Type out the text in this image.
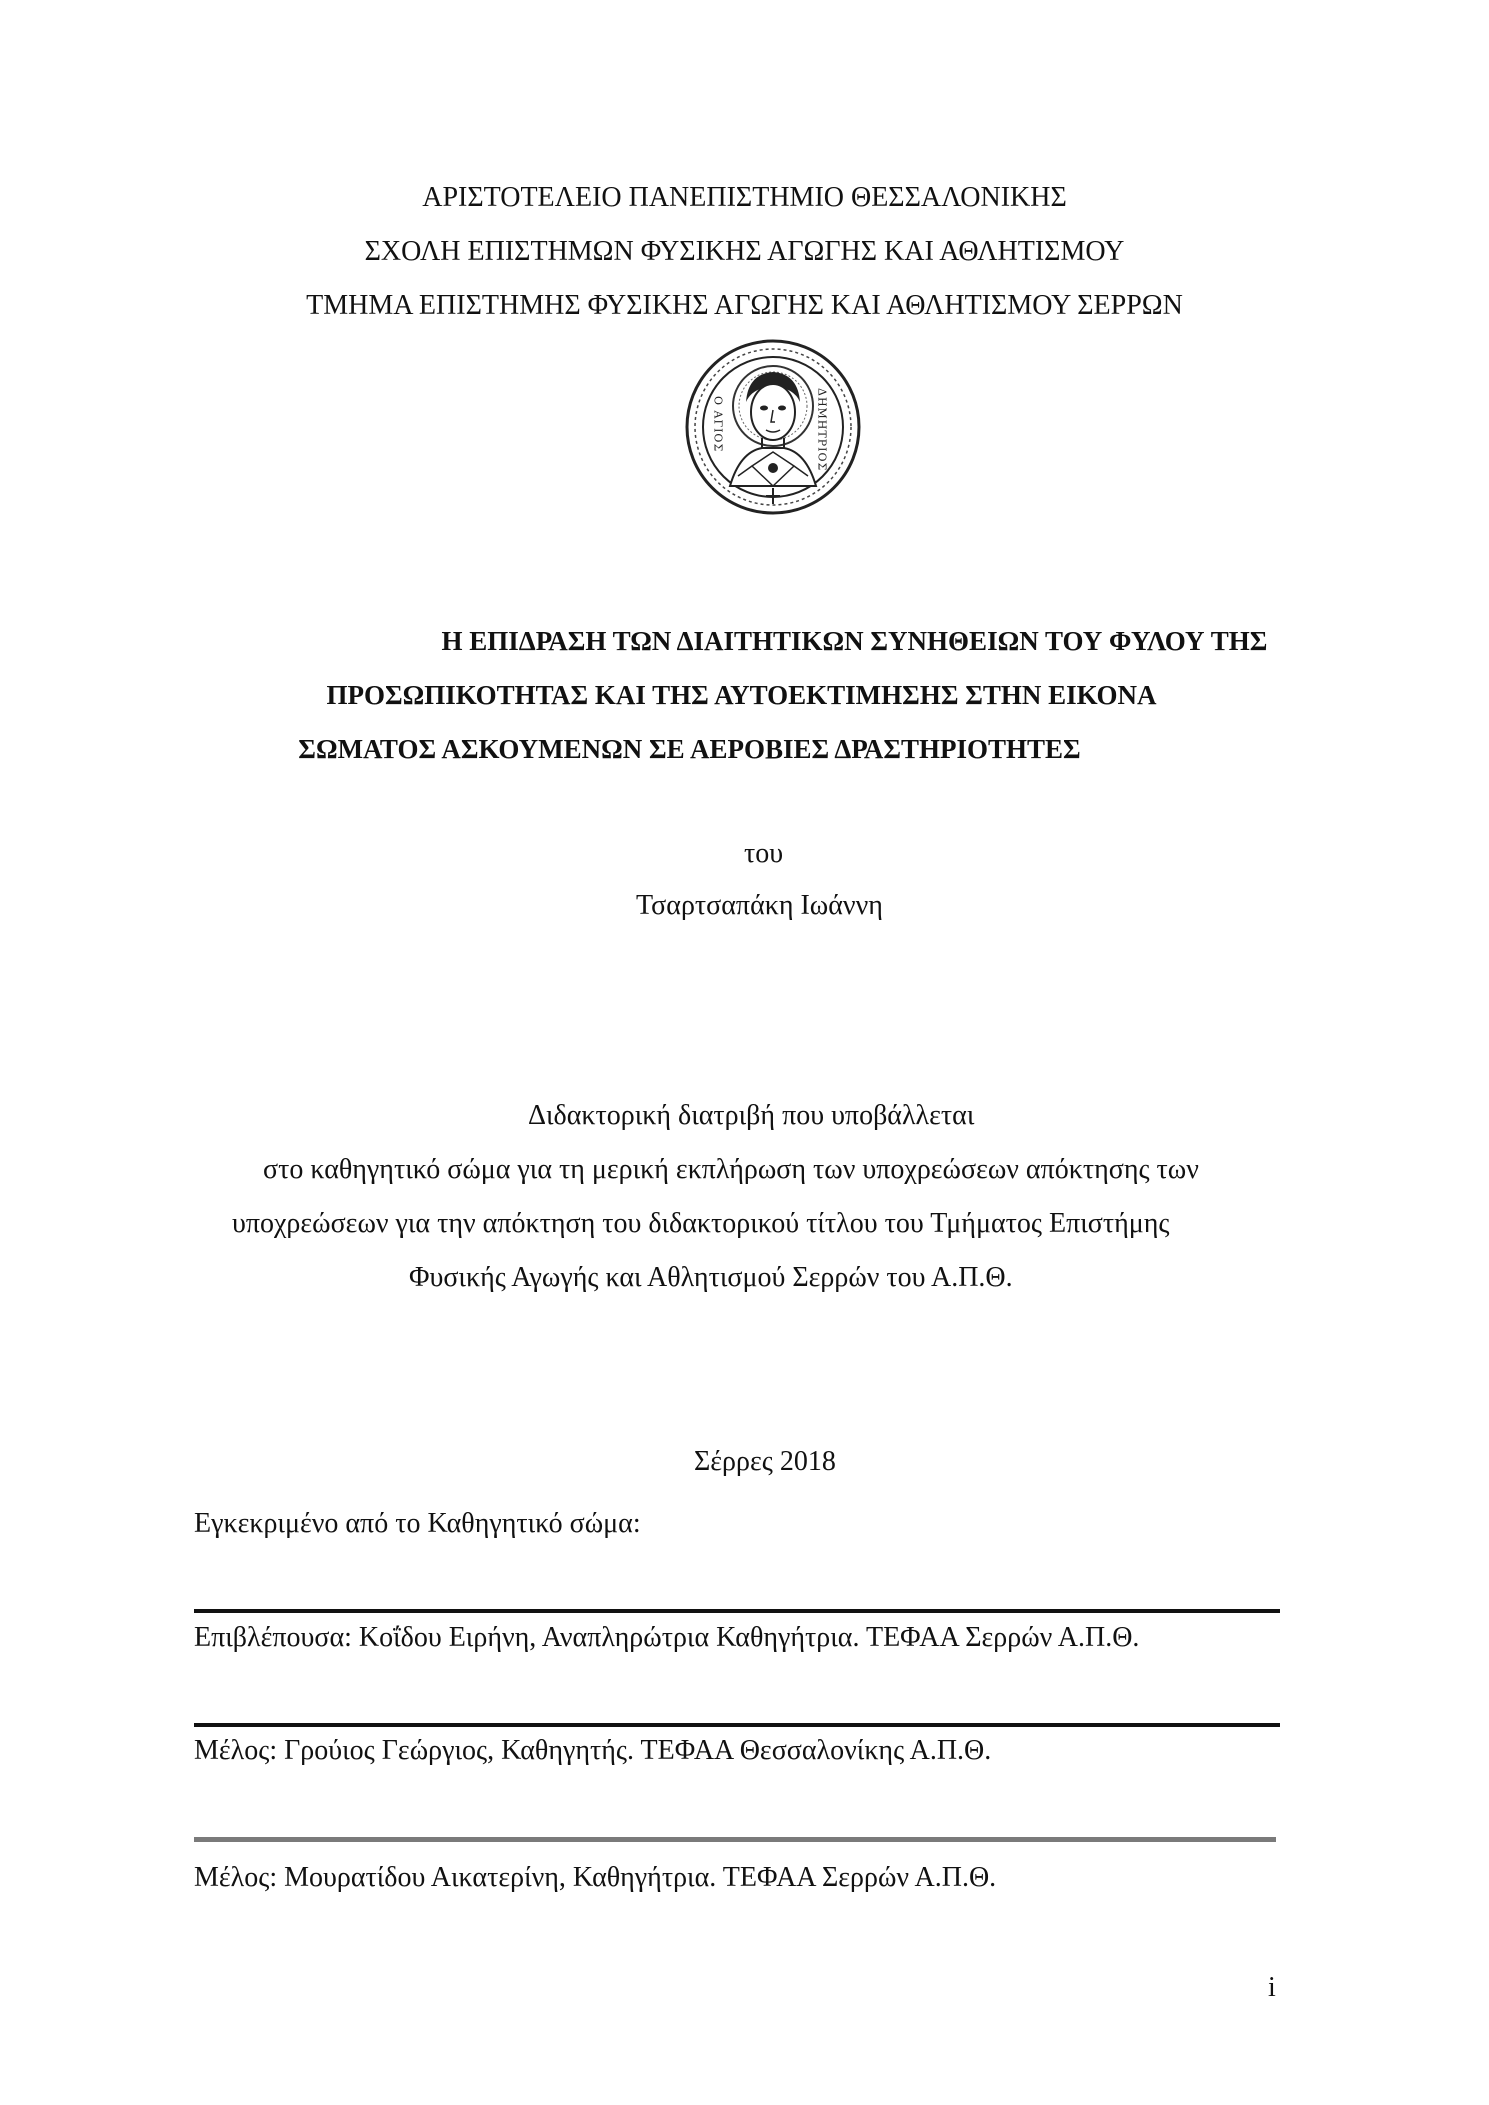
ΑΡΙΣΤΟΤΕΛΕΙΟ ΠΑΝΕΠΙΣΤΗΜΙΟ ΘΕΣΣΑΛΟΝΙΚΗΣ

ΣΧΟΛΗ ΕΠΙΣΤΗΜΩΝ ΦΥΣΙΚΗΣ ΑΓΩΓΗΣ ΚΑΙ ΑΘΛΗΤΙΣΜΟΥ

ΤΜΗΜΑ ΕΠΙΣΤΗΜΗΣ ΦΥΣΙΚΗΣ ΑΓΩΓΗΣ ΚΑΙ ΑΘΛΗΤΙΣΜΟΥ ΣΕΡΡΩΝ

Ο ΑΓΙΟΣ	ΔΗΜΗΤΡΙΟΣ

Η ΕΠΙΔΡΑΣΗ ΤΩΝ ΔΙΑΙΤΗΤΙΚΩΝ ΣΥΝΗΘΕΙΩΝ ΤΟΥ ΦΥΛΟΥ ΤΗΣ

ΠΡΟΣΩΠΙΚΟΤΗΤΑΣ ΚΑΙ ΤΗΣ ΑΥΤΟΕΚΤΙΜΗΣΗΣ ΣΤΗΝ ΕΙΚΟΝΑ

ΣΩΜΑΤΟΣ ΑΣΚΟΥΜΕΝΩΝ ΣΕ ΑΕΡΟΒΙΕΣ ΔΡΑΣΤΗΡΙΟΤΗΤΕΣ

του

Τσαρτσαπάκη Ιωάννη

Διδακτορική διατριβή που υποβάλλεται

στο καθηγητικό σώμα για τη μερική εκπλήρωση των υποχρεώσεων απόκτησης των

υποχρεώσεων για την απόκτηση του διδακτορικού τίτλου του Τμήματος Επιστήμης

Φυσικής Αγωγής και Αθλητισμού Σερρών του Α.Π.Θ.

Σέρρες 2018

Εγκεκριμένο από το Καθηγητικό σώμα:

Επιβλέπουσα: Κοΐδου Ειρήνη, Αναπληρώτρια Καθηγήτρια. ΤΕΦΑΑ Σερρών Α.Π.Θ.

Μέλος: Γρούιος Γεώργιος, Καθηγητής. ΤΕΦΑΑ Θεσσαλονίκης Α.Π.Θ.

Μέλος: Μουρατίδου Αικατερίνη, Καθηγήτρια. ΤΕΦΑΑ Σερρών Α.Π.Θ.

i
